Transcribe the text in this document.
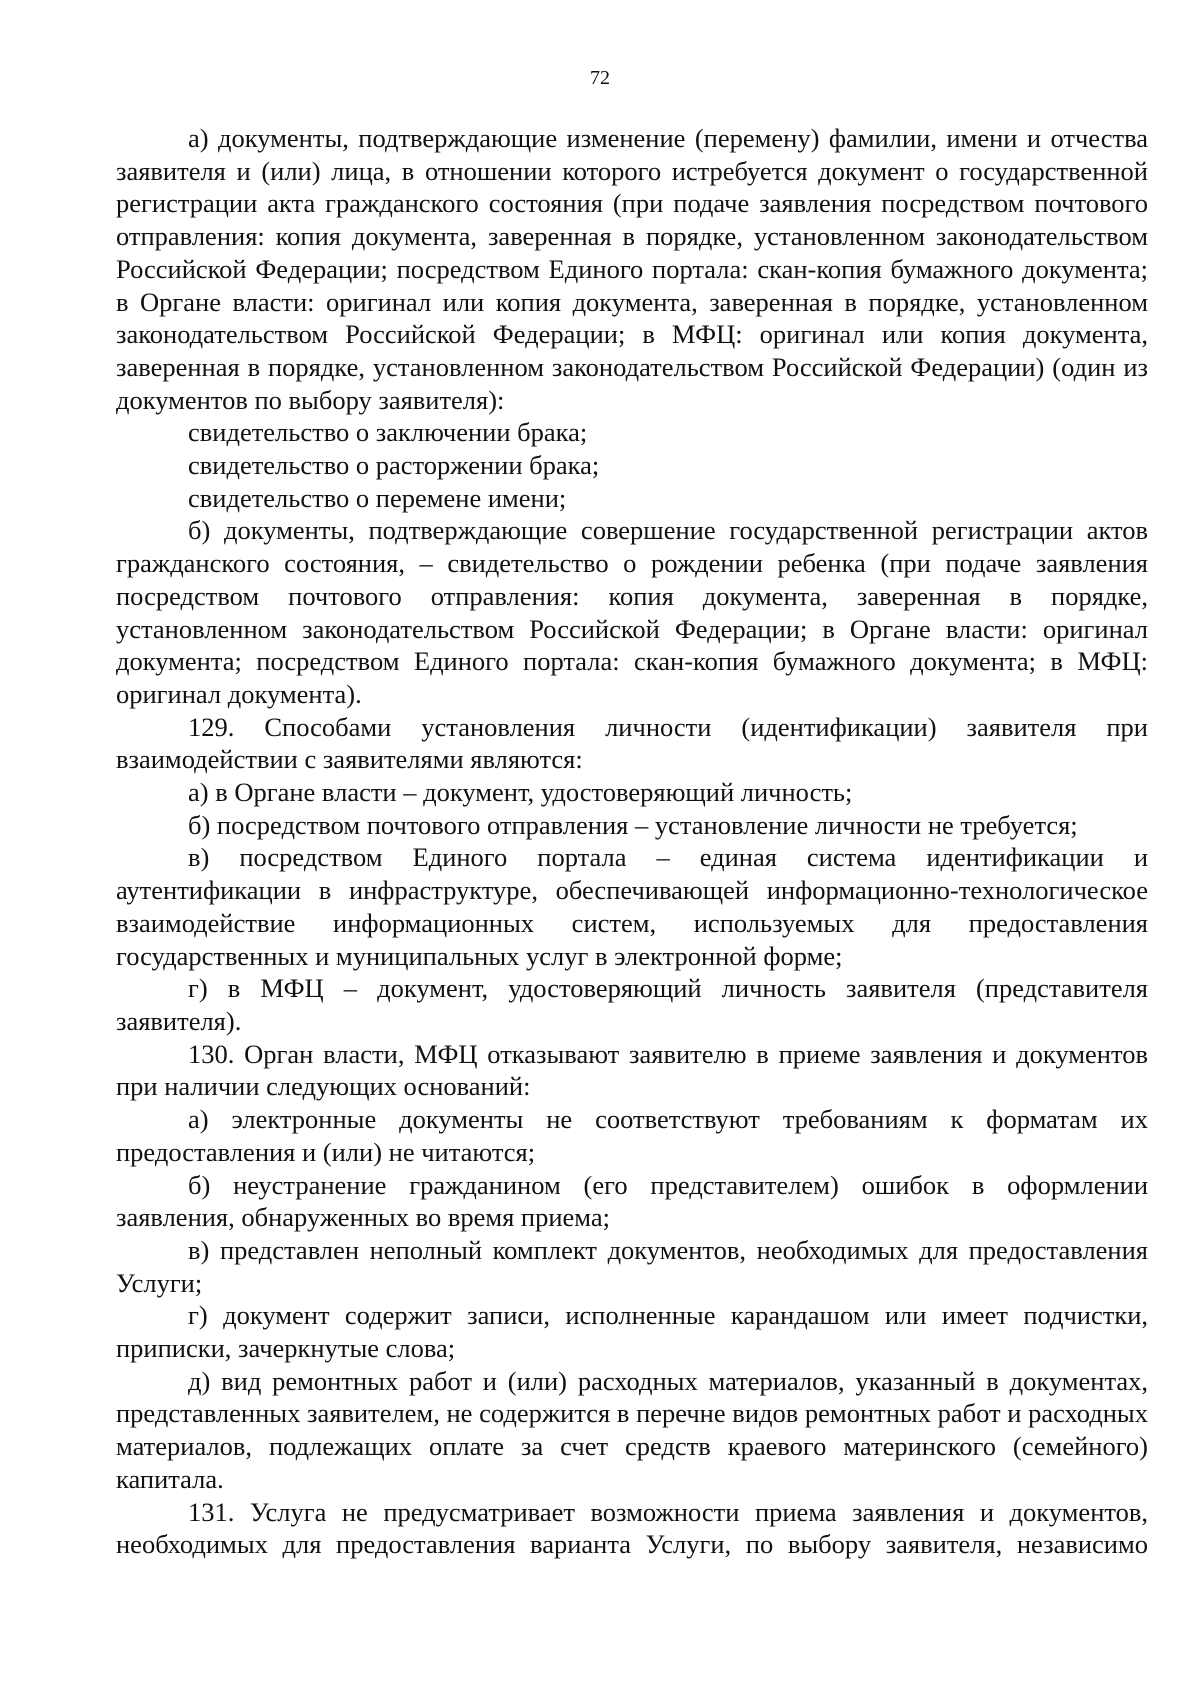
72

а) документы, подтверждающие изменение (перемену) фамилии, имени и отчества заявителя и (или) лица, в отношении которого истребуется документ о государственной регистрации акта гражданского состояния (при подаче заявления посредством почтового отправления: копия документа, заверенная в порядке, установленном законодательством Российской Федерации; посредством Единого портала: скан-копия бумажного документа; в Органе власти: оригинал или копия документа, заверенная в порядке, установленном законодательством Российской Федерации; в МФЦ: оригинал или копия документа, заверенная в порядке, установленном законодательством Российской Федерации) (один из документов по выбору заявителя):

свидетельство о заключении брака;

свидетельство о расторжении брака;

свидетельство о перемене имени;

б) документы, подтверждающие совершение государственной регистрации актов гражданского состояния, – свидетельство о рождении ребенка (при подаче заявления посредством почтового отправления: копия документа, заверенная в порядке, установленном законодательством Российской Федерации; в Органе власти: оригинал документа; посредством Единого портала: скан-копия бумажного документа; в МФЦ: оригинал документа).

129. Способами установления личности (идентификации) заявителя при взаимодействии с заявителями являются:

а) в Органе власти – документ, удостоверяющий личность;

б) посредством почтового отправления – установление личности не требуется;

в) посредством Единого портала – единая система идентификации и аутентификации в инфраструктуре, обеспечивающей информационно-технологическое взаимодействие информационных систем, используемых для предоставления государственных и муниципальных услуг в электронной форме;

г) в МФЦ – документ, удостоверяющий личность заявителя (представителя заявителя).

130. Орган власти, МФЦ отказывают заявителю в приеме заявления и документов при наличии следующих оснований:

а) электронные документы не соответствуют требованиям к форматам их предоставления и (или) не читаются;

б) неустранение гражданином (его представителем) ошибок в оформлении заявления, обнаруженных во время приема;

в) представлен неполный комплект документов, необходимых для предоставления Услуги;

г) документ содержит записи, исполненные карандашом или имеет подчистки, приписки, зачеркнутые слова;

д) вид ремонтных работ и (или) расходных материалов, указанный в документах, представленных заявителем, не содержится в перечне видов ремонтных работ и расходных материалов, подлежащих оплате за счет средств краевого материнского (семейного) капитала.

131. Услуга не предусматривает возможности приема заявления и документов, необходимых для предоставления варианта Услуги, по выбору заявителя, независимо
